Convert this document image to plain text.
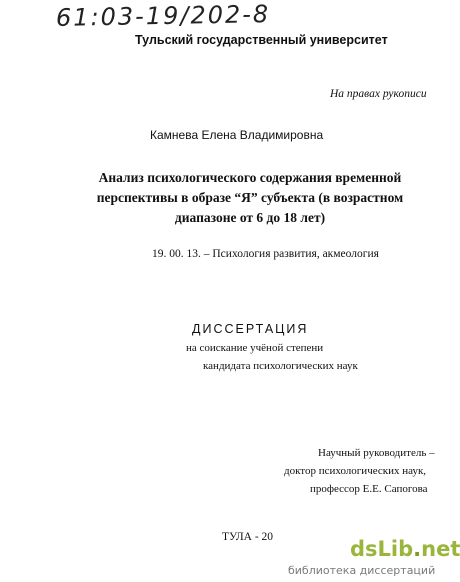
61:03-19/202-8
Тульский государственный университет
На правах рукописи
Камнева Елена Владимировна
Анализ психологического содержания временной
перспективы в образе “Я” субъекта (в возрастном
диапазоне от 6 до 18 лет)
19. 00. 13. – Психология развития, акмеология
ДИССЕРТАЦИЯ
на соискание учёной степени
кандидата психологических наук
Научный руководитель –
доктор психологических наук,
профессор Е.Е. Сапогова
ТУЛА - 20	dsLib.net
библиотека диссертаций
